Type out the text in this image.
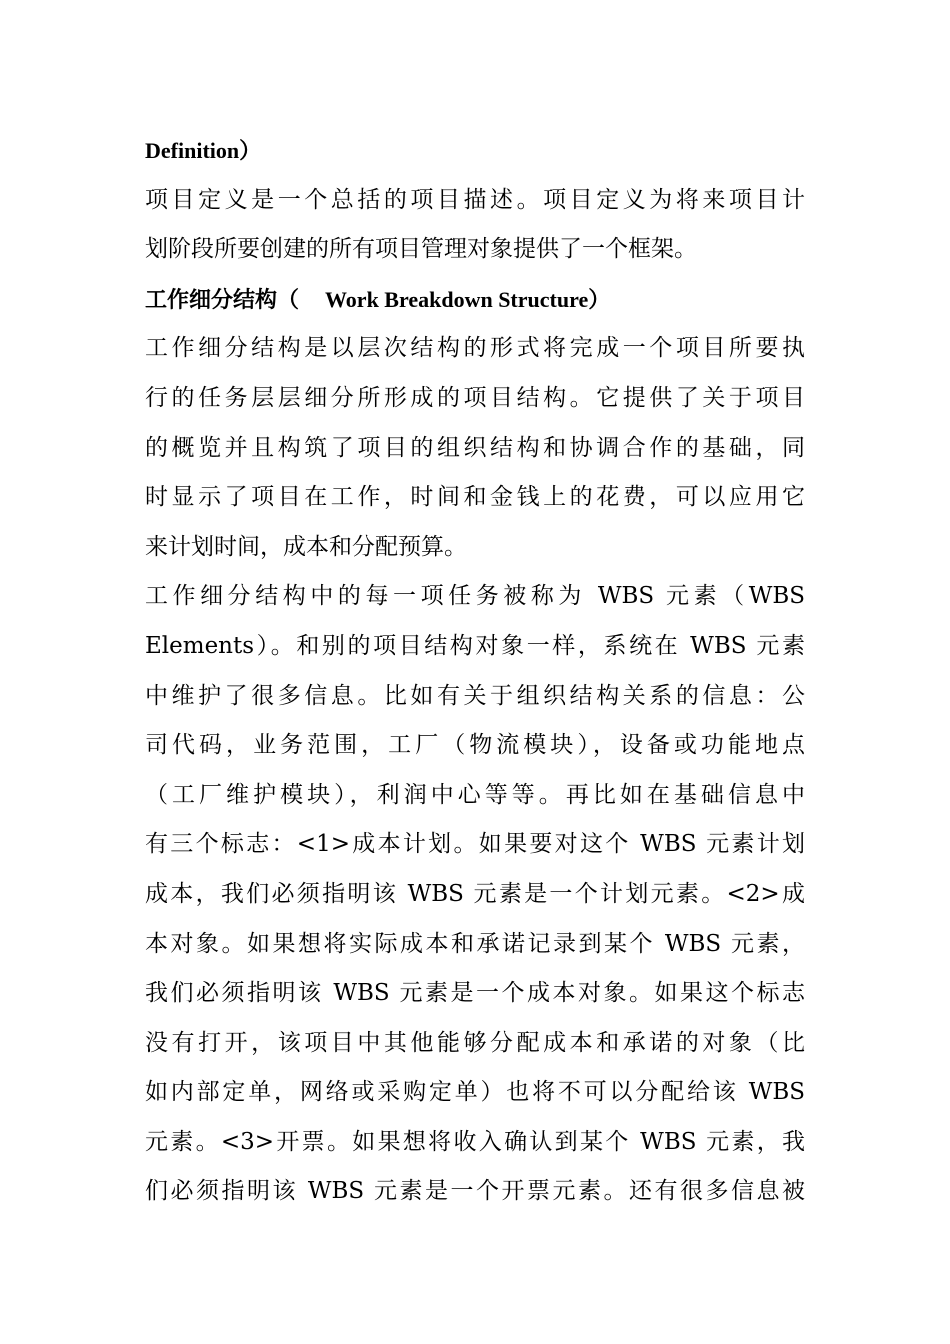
Definition）
项目定义是一个总括的项目描述。项目定义为将来项目计
划阶段所要创建的所有项目管理对象提供了一个框架。
工作细分结构（ Work Breakdown Structure）
工作细分结构是以层次结构的形式将完成一个项目所要执
行的任务层层细分所形成的项目结构。它提供了关于项目
的概览并且构筑了项目的组织结构和协调合作的基础，同
时显示了项目在工作，时间和金钱上的花费，可以应用它
来计划时间，成本和分配预算。
工作细分结构中的每一项任务被称为 WBS 元素（WBS
Elements）。和别的项目结构对象一样，系统在 WBS 元素
中维护了很多信息。比如有关于组织结构关系的信息：公
司代码，业务范围，工厂（物流模块），设备或功能地点
（工厂维护模块），利润中心等等。再比如在基础信息中
有三个标志：<1>成本计划。如果要对这个 WBS 元素计划
成本，我们必须指明该 WBS 元素是一个计划元素。<2>成
本对象。如果想将实际成本和承诺记录到某个 WBS 元素，
我们必须指明该 WBS 元素是一个成本对象。如果这个标志
没有打开，该项目中其他能够分配成本和承诺的对象（比
如内部定单，网络或采购定单）也将不可以分配给该 WBS
元素。<3>开票。如果想将收入确认到某个 WBS 元素，我
们必须指明该 WBS 元素是一个开票元素。还有很多信息被
